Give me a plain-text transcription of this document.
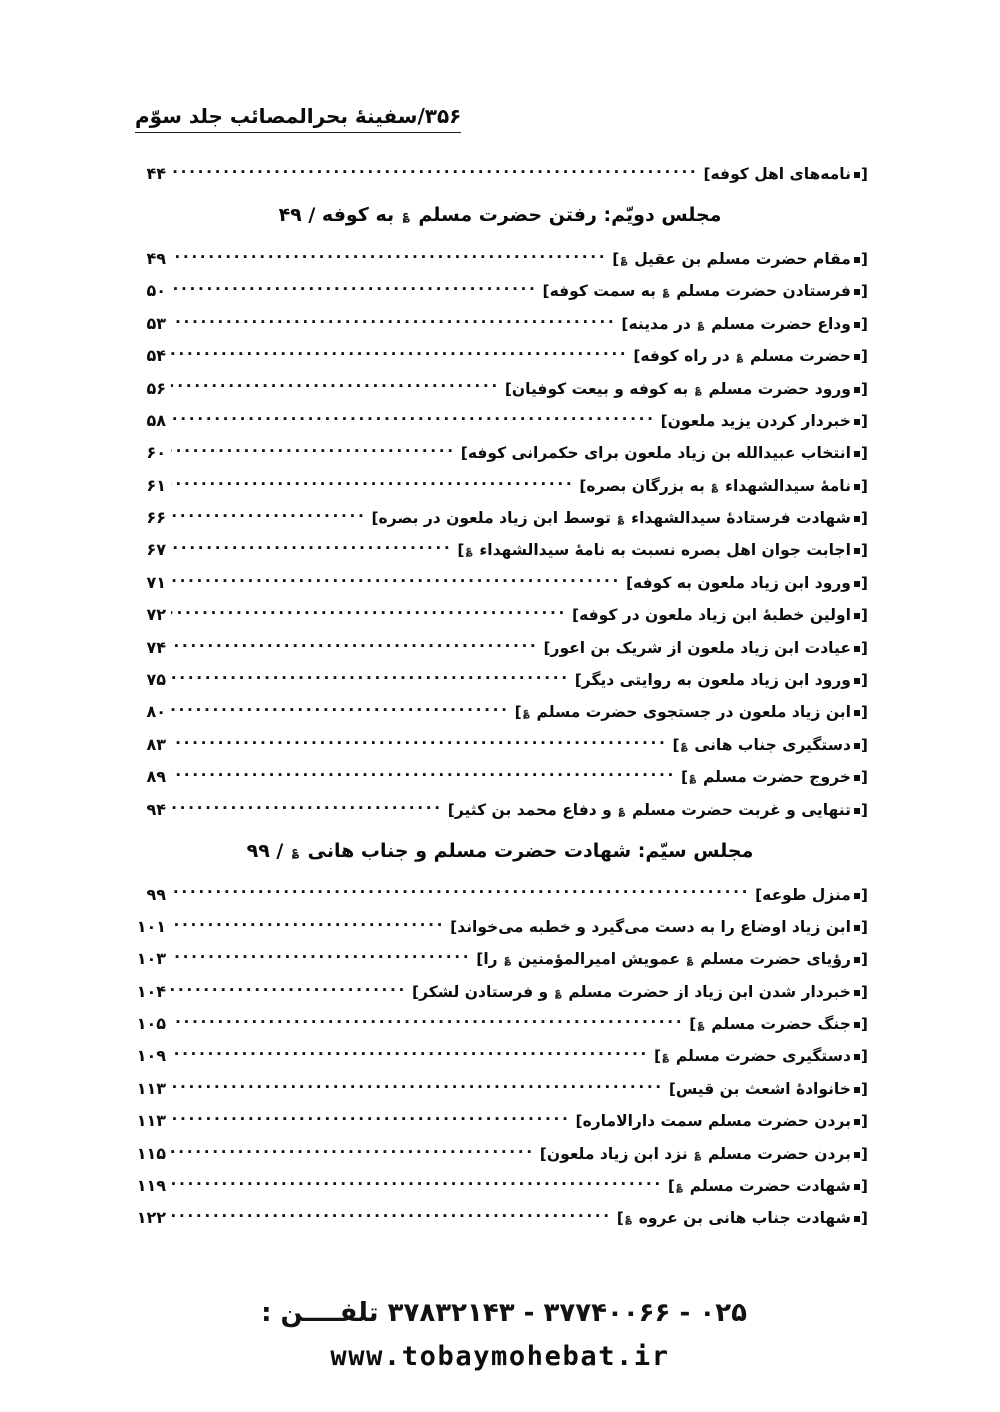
۳۵۶/سفینهٔ بحرالمصائب جلد سوّم
[نامه‌های اهل کوفه]
.....
۴۴
مجلس دویّم: رفتن حضرت مسلم ؏ به کوفه / ۴۹
[مقام حضرت مسلم بن عقیل ؏]
.....
۴۹
[فرستادن حضرت مسلم ؏ به سمت کوفه]
.....
۵۰
[وداع حضرت مسلم ؏ در مدینه]
.....
۵۳
[حضرت مسلم ؏ در راه کوفه]
.....
۵۴
[ورود حضرت مسلم ؏ به کوفه و بیعت کوفیان]
.....
۵۶
[خبردار کردن یزید ملعون]
.....
۵۸
[انتخاب عبیدالله بن زیاد ملعون برای حکمرانی کوفه]
.....
۶۰
[نامهٔ سیدالشهداء ؏ به بزرگان بصره]
.....
۶۱
[شهادت فرستادهٔ سیدالشهداء ؏ توسط ابن زیاد ملعون در بصره]
.....
۶۶
[اجابت جوان اهل بصره نسبت به نامهٔ سیدالشهداء ؏]
.....
۶۷
[ورود ابن زیاد ملعون به کوفه]
.....
۷۱
[اولین خطبهٔ ابن زیاد ملعون در کوفه]
.....
۷۲
[عیادت ابن زیاد ملعون از شریک بن اعور]
.....
۷۴
[ورود ابن زیاد ملعون به روایتی دیگر]
.....
۷۵
[ابن زیاد ملعون در جستجوی حضرت مسلم ؏]
.....
۸۰
[دستگیری جناب هانی ؏]
.....
۸۳
[خروج حضرت مسلم ؏]
.....
۸۹
[تنهایی و غربت حضرت مسلم ؏ و دفاع محمد بن کثیر]
.....
۹۴
مجلس سیّم: شهادت حضرت مسلم و جناب هانی ؏ / ۹۹
[منزل طوعه]
.....
۹۹
[ابن زیاد اوضاع را به دست می‌گیرد و خطبه می‌خواند]
.....
۱۰۱
[رؤیای حضرت مسلم ؏ عمویش امیرالمؤمنین ؏ را]
.....
۱۰۳
[خبردار شدن ابن زیاد از حضرت مسلم ؏ و فرستادن لشکر]
.....
۱۰۴
[جنگ حضرت مسلم ؏]
.....
۱۰۵
[دستگیری حضرت مسلم ؏]
.....
۱۰۹
[خانوادهٔ اشعث بن قیس]
.....
۱۱۳
[بردن حضرت مسلم سمت دارالاماره]
.....
۱۱۳
[بردن حضرت مسلم ؏ نزد ابن زیاد ملعون]
.....
۱۱۵
[شهادت حضرت مسلم ؏]
.....
۱۱۹
[شهادت جناب هانی بن عروه ؏]
.....
۱۲۲
۰۲۵ - ۳۷۷۴۰۰۶۶ - ۳۷۸۳۲۱۴۳ تلفــــن :
www.tobaymohebat.ir
